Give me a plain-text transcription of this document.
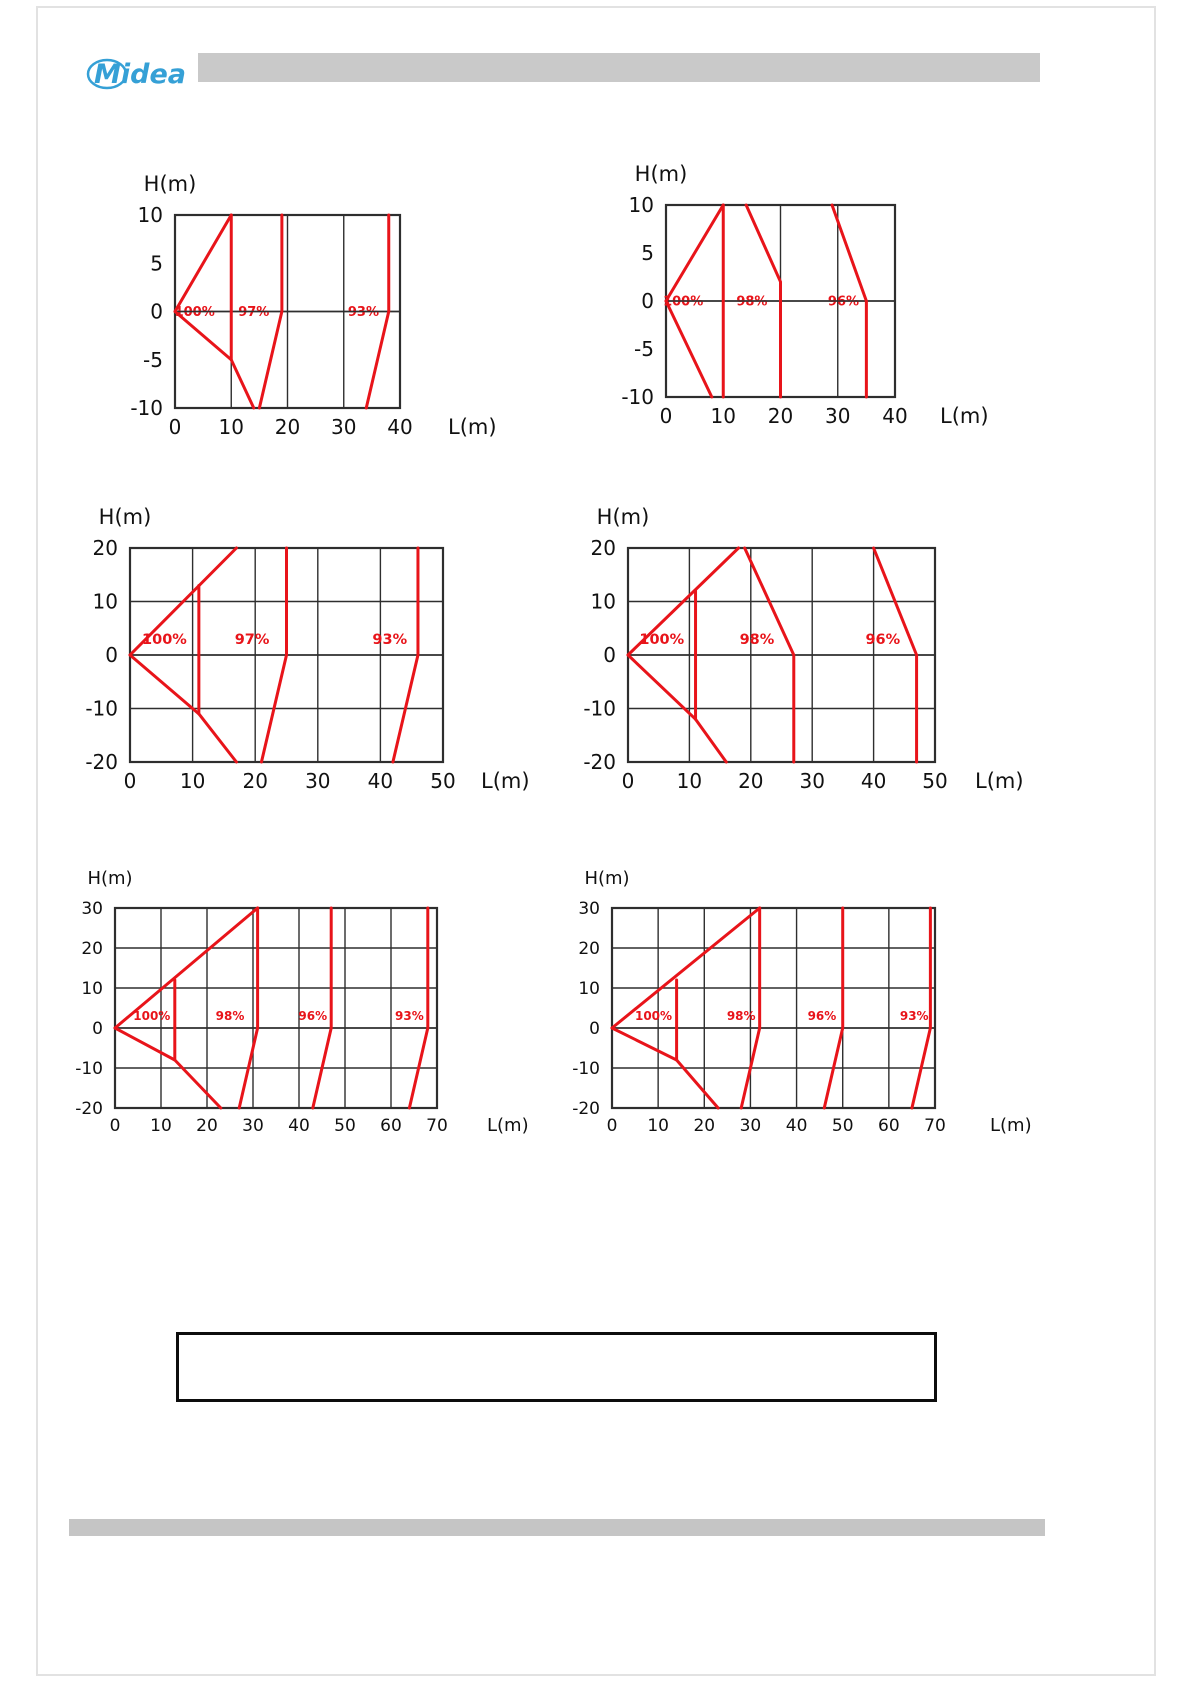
Midea
10
5
0
-5
-10
0 10 20 30 40
H(m)
L(m)
100% 97%	93%
10
5
0
-5
-10
0 10 20 30 40
H(m)
L(m)
100%	98%	96%
20
10
0
-10
-20
0 10 20 30 40 50
H(m)
L(m)
100%	97%	93%
20
10
0
-10
-20
0 10 20 30 40 50
H(m)
L(m)
100%	98%	96%
30
20
10
0
-10
-20
0 10 20 30 40 50 60 70
H(m)
L(m)
100%	98%	96%	93%
30
20
10
0
-10
-20
0 10 20 30 40 50 60 70
H(m)
L(m)
100%	98%	96%	93%
